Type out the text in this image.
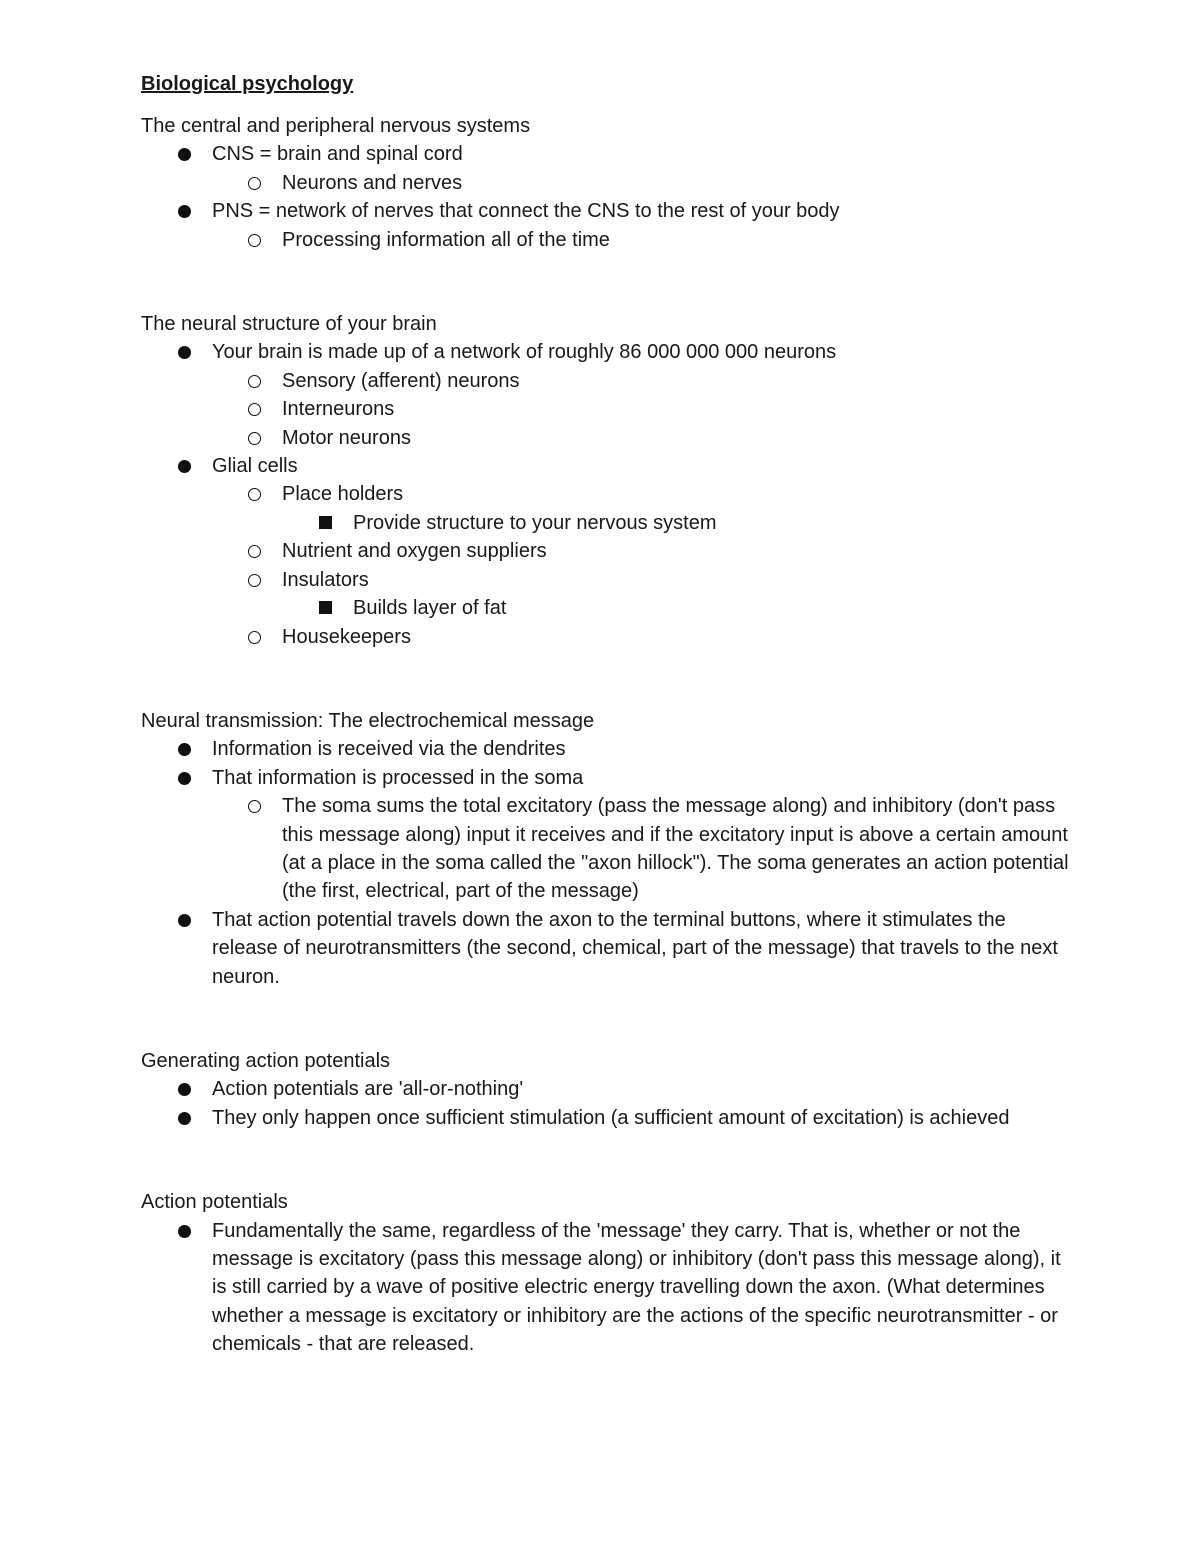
Biological psychology
The central and peripheral nervous systems
CNS = brain and spinal cord
Neurons and nerves
PNS = network of nerves that connect the CNS to the rest of your body
Processing information all of the time
The neural structure of your brain
Your brain is made up of a network of roughly 86 000 000 000 neurons
Sensory (afferent) neurons
Interneurons
Motor neurons
Glial cells
Place holders
Provide structure to your nervous system
Nutrient and oxygen suppliers
Insulators
Builds layer of fat
Housekeepers
Neural transmission: The electrochemical message
Information is received via the dendrites
That information is processed in the soma
The soma sums the total excitatory (pass the message along) and inhibitory (don't pass this message along) input it receives and if the excitatory input is above a certain amount (at a place in the soma called the "axon hillock"). The soma generates an action potential (the first, electrical, part of the message)
That action potential travels down the axon to the terminal buttons, where it stimulates the release of neurotransmitters (the second, chemical, part of the message) that travels to the next neuron.
Generating action potentials
Action potentials are 'all-or-nothing'
They only happen once sufficient stimulation (a sufficient amount of excitation) is achieved
Action potentials
Fundamentally the same, regardless of the 'message' they carry. That is, whether or not the message is excitatory (pass this message along) or inhibitory (don't pass this message along), it is still carried by a wave of positive electric energy travelling down the axon. (What determines whether a message is excitatory or inhibitory are the actions of the specific neurotransmitter - or chemicals - that are released.
